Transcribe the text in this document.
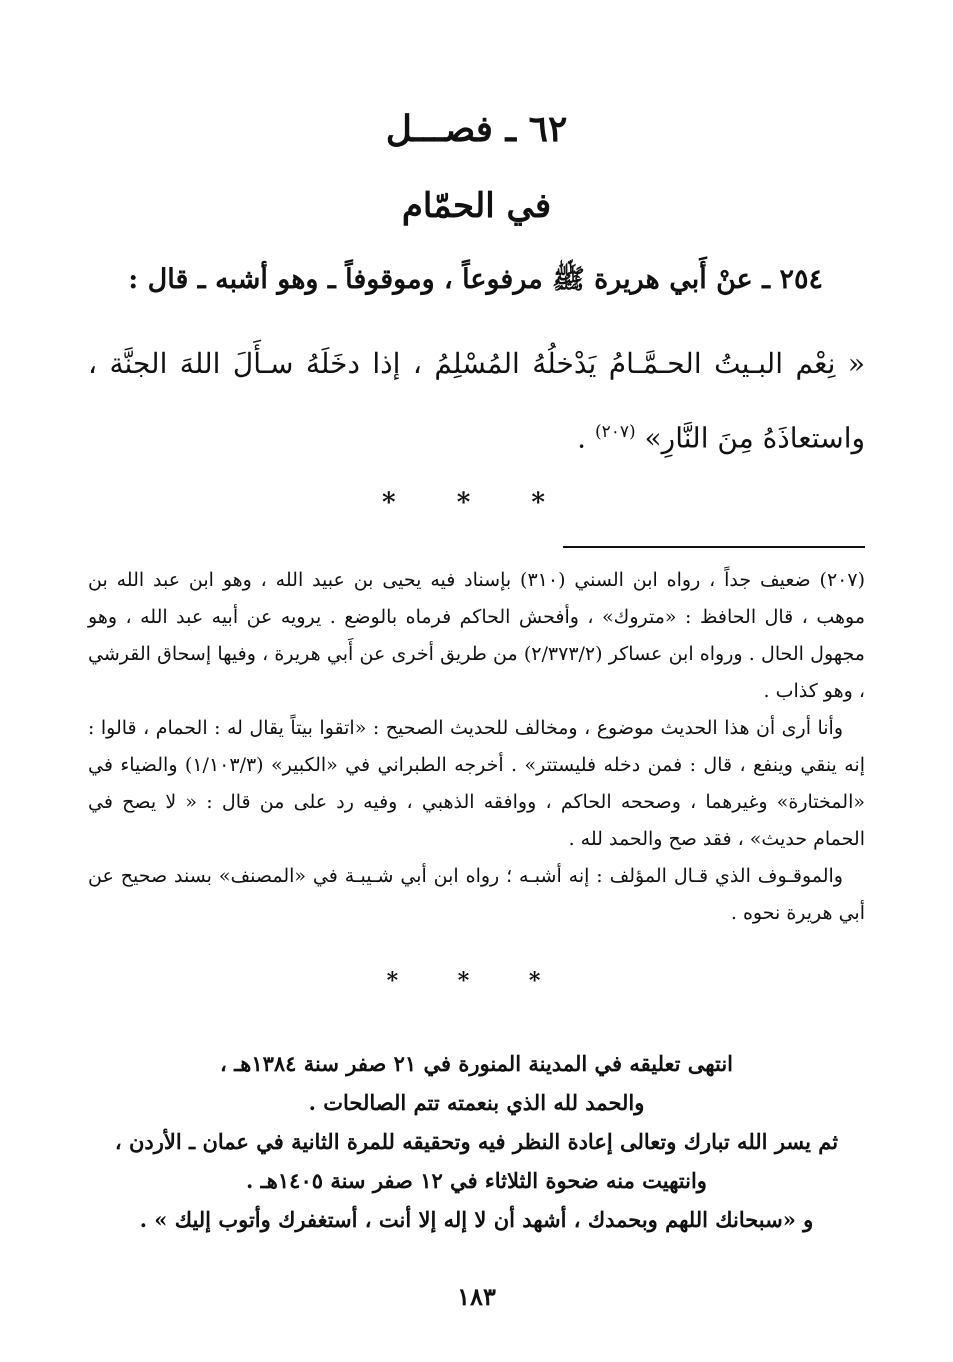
٦٢ ـ فصـــل
في الحمّام
٢٥٤ ـ عنْ أَبي هريرة ﷺ مرفوعاً ، وموقوفاً ـ وهو أشبه ـ قال :
« نِعْم البـيتُ الحـمَّـامُ يَدْخلُهُ المُسْلِمُ ، إذا دخَلَهُ سـأَلَ اللهَ الجنَّة ، واستعاذَهُ مِنَ النَّارِ» $^{(٢٠٧)}$ .
* * *

(٢٠٧) ضعيف جداً ، رواه ابن السني (٣١٠) بإسناد فيه يحيى بن عبيد الله ، وهو ابن عبد الله بن موهب ، قال الحافظ : «متروك» ، وأفحش الحاكم فرماه بالوضع . يرويه عن أبيه عبد الله ، وهو مجهول الحال . ورواه ابن عساكر (٢/٣٧٣/٢) من طريق أخرى عن أَبي هريرة ، وفيها إسحاق القرشي ، وهو كذاب .

وأنا أرى أن هذا الحديث موضوع ، ومخالف للحديث الصحيح : «اتقوا بيتاً يقال له : الحمام ، قالوا : إنه ينقي وينفع ، قال : فمن دخله فليستتر» . أخرجه الطبراني في «الكبير» (١/١٠٣/٣) والضياء في «المختارة» وغيرهما ، وصححه الحاكم ، ووافقه الذهبي ، وفيه رد على من قال : « لا يصح في الحمام حديث» ، فقد صح والحمد لله .

والموقـوف الذي قـال المؤلف : إنه أشبـه ؛ رواه ابن أبي شـيبـة في «المصنف» بسند صحيح عن أبي هريرة نحوه .

* * *

انتهى تعليقه في المدينة المنورة في ٢١ صفر سنة ١٣٨٤هـ ،

والحمد لله الذي بنعمته تتم الصالحات .

ثم يسر الله تبارك وتعالى إعادة النظر فيه وتحقيقه للمرة الثانية في عمان ـ الأردن ،

وانتهيت منه ضحوة الثلاثاء في ١٢ صفر سنة ١٤٠٥هـ .

و «سبحانك اللهم وبحمدك ، أشهد أن لا إله إلا أنت ، أستغفرك وأتوب إليك » .

١٨٣
